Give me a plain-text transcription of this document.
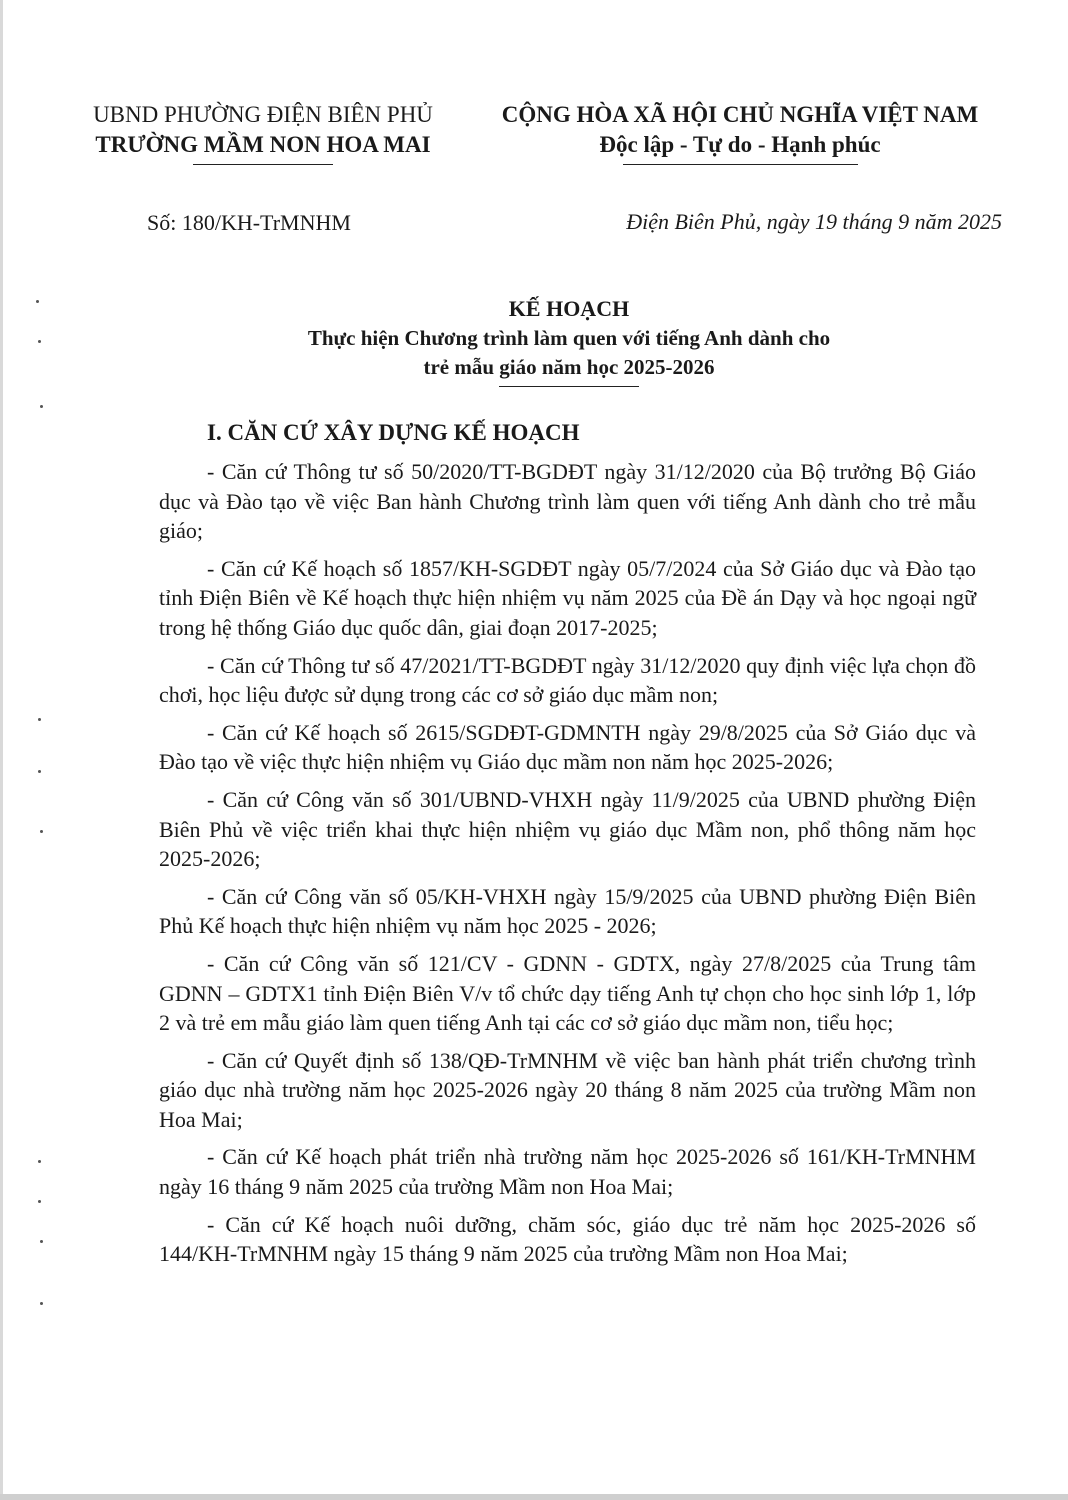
UBND PHƯỜNG ĐIỆN BIÊN PHỦ
TRƯỜNG MẦM NON HOA MAI
CỘNG HÒA XÃ HỘI CHỦ NGHĨA VIỆT NAM
Độc lập - Tự do - Hạnh phúc
Số: 180/KH-TrMNHM	Điện Biên Phủ, ngày 19 tháng 9 năm 2025
KẾ HOẠCH
Thực hiện Chương trình làm quen với tiếng Anh dành cho
trẻ mẫu giáo năm học 2025-2026
I. CĂN CỨ XÂY DỰNG KẾ HOẠCH

- Căn cứ Thông tư số 50/2020/TT-BGDĐT ngày 31/12/2020 của Bộ trưởng Bộ Giáo dục và Đào tạo về việc Ban hành Chương trình làm quen với tiếng Anh dành cho trẻ mẫu giáo;

- Căn cứ Kế hoạch số 1857/KH-SGDĐT ngày 05/7/2024 của Sở Giáo dục và Đào tạo tỉnh Điện Biên về Kế hoạch thực hiện nhiệm vụ năm 2025 của Đề án Dạy và học ngoại ngữ trong hệ thống Giáo dục quốc dân, giai đoạn 2017-2025;

- Căn cứ Thông tư số 47/2021/TT-BGDĐT ngày 31/12/2020 quy định việc lựa chọn đồ chơi, học liệu được sử dụng trong các cơ sở giáo dục mầm non;

- Căn cứ Kế hoạch số 2615/SGDĐT-GDMNTH ngày 29/8/2025 của Sở Giáo dục và Đào tạo về việc thực hiện nhiệm vụ Giáo dục mầm non năm học 2025-2026;

- Căn cứ Công văn số 301/UBND-VHXH ngày 11/9/2025 của UBND phường Điện Biên Phủ về việc triển khai thực hiện nhiệm vụ giáo dục Mầm non, phổ thông năm học 2025-2026;

- Căn cứ Công văn số 05/KH-VHXH ngày 15/9/2025 của UBND phường Điện Biên Phủ Kế hoạch thực hiện nhiệm vụ năm học 2025 - 2026;

- Căn cứ Công văn số 121/CV - GDNN - GDTX, ngày 27/8/2025 của Trung tâm GDNN – GDTX1 tỉnh Điện Biên V/v tổ chức dạy tiếng Anh tự chọn cho học sinh lớp 1, lớp 2 và trẻ em mẫu giáo làm quen tiếng Anh tại các cơ sở giáo dục mầm non, tiểu học;

- Căn cứ Quyết định số 138/QĐ-TrMNHM về việc ban hành phát triển chương trình giáo dục nhà trường năm học 2025-2026 ngày 20 tháng 8 năm 2025 của trường Mầm non Hoa Mai;

- Căn cứ Kế hoạch phát triển nhà trường năm học 2025-2026 số 161/KH-TrMNHM ngày 16 tháng 9 năm 2025 của trường Mầm non Hoa Mai;

- Căn cứ Kế hoạch nuôi dưỡng, chăm sóc, giáo dục trẻ năm học 2025-2026 số 144/KH-TrMNHM ngày 15 tháng 9 năm 2025 của trường Mầm non Hoa Mai;
